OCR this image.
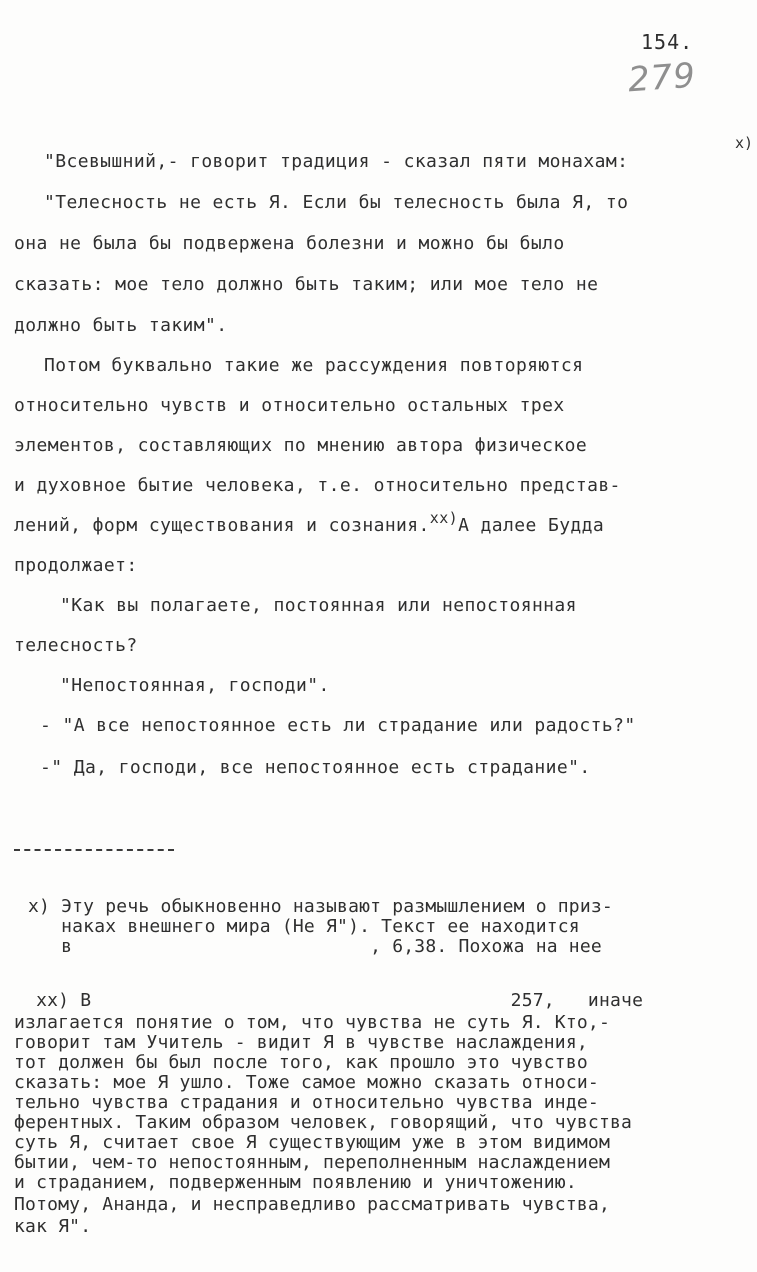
154.
279
x)
"Всевышний,- говорит традиция - сказал пяти монахам:
"Телесность не есть Я. Если бы телесность была Я, то
она не была бы подвержена болезни и можно бы было
сказать: мое тело должно быть таким; или мое тело не
должно быть таким".
Потом буквально такие же рассуждения повторяются
относительно чувств и относительно остальных трех
элементов, составляющих по мнению автора физическое
и духовное бытие человека, т.е. относительно представ-
лений, форм существования и сознания.$^{xx)}$А далее Будда
продолжает:
"Как вы полагаете, постоянная или непостоянная
телесность?
"Непостоянная, господи".
- "А все непостоянное есть ли страдание или радость?"
-" Да, господи, все непостоянное есть страдание".
x) Эту речь обыкновенно называют размышлением о приз-
наках внешнего мира (Не Я"). Текст ее находится
в                           , 6,38. Похожа на нее
xx) В                                      257,   иначе
излагается понятие о том, что чувства не суть Я. Кто,-
говорит там Учитель - видит Я в чувстве наслаждения,
тот должен бы был после того, как прошло это чувство
сказать: мое Я ушло. Тоже самое можно сказать относи-
тельно чувства страдания и относительно чувства инде-
ферентных. Таким образом человек, говорящий, что чувства
суть Я, считает свое Я существующим уже в этом видимом
бытии, чем-то непостоянным, переполненным наслаждением
и страданием, подверженным появлению и уничтожению.
Потому, Ананда, и несправедливо рассматривать чувства,
как Я".
